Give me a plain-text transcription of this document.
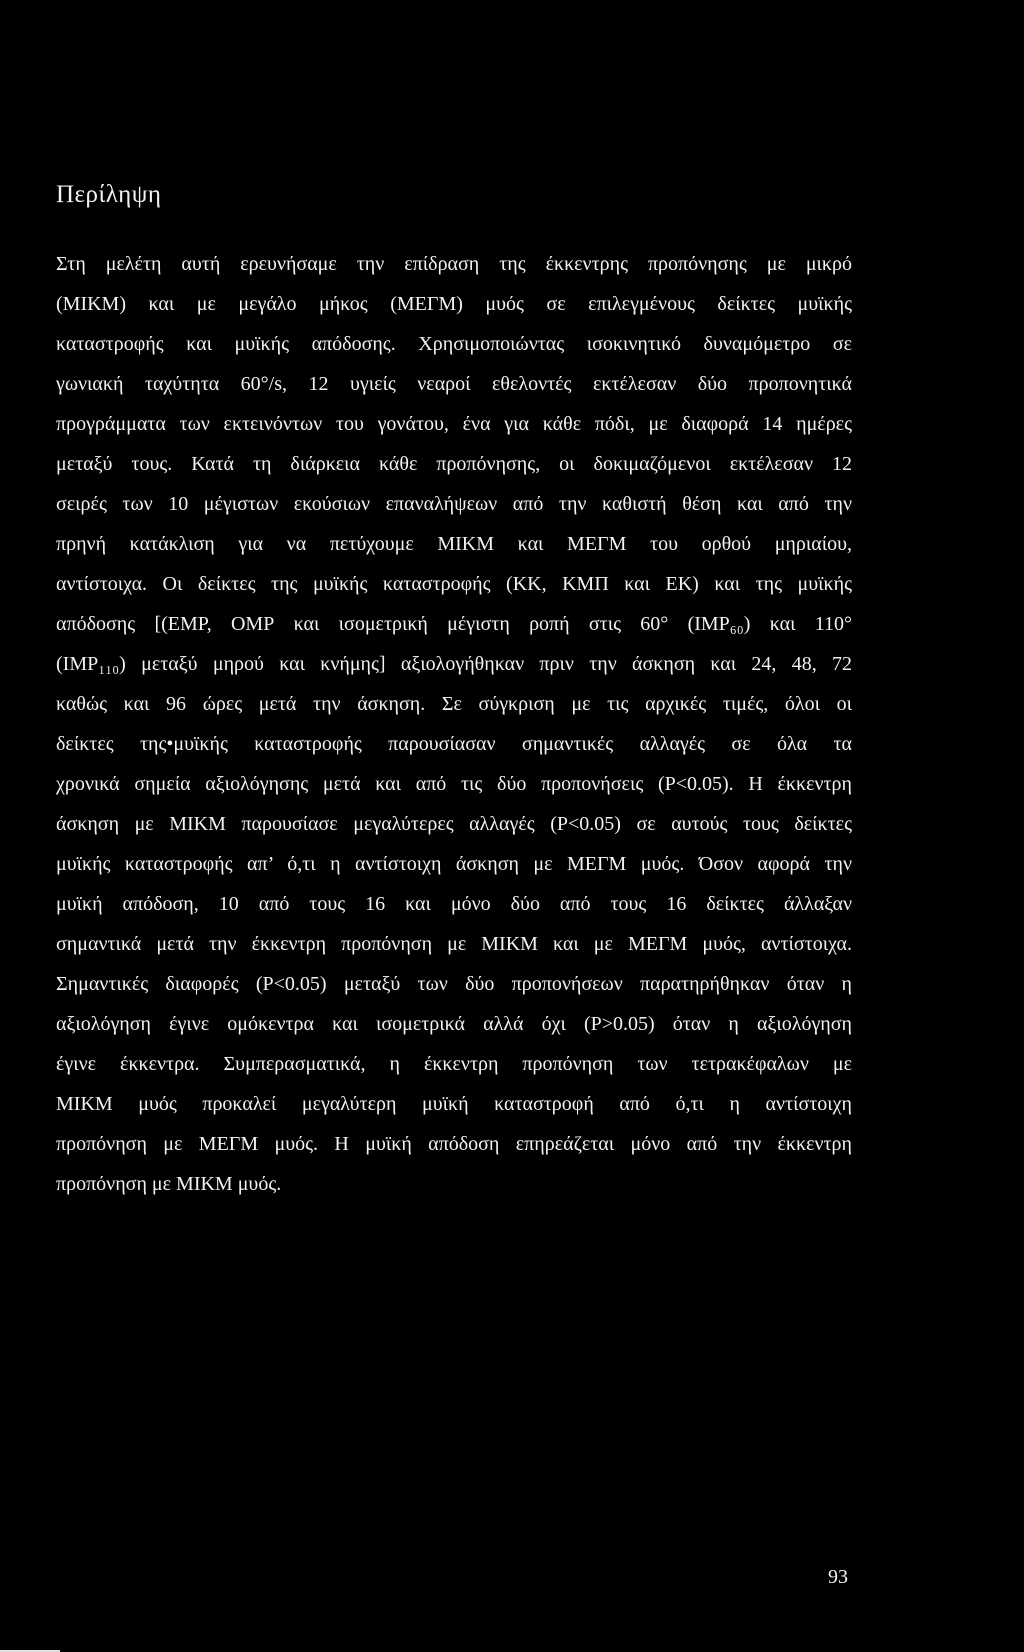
Περίληψη
Στη μελέτη αυτή ερευνήσαμε την επίδραση της έκκεντρης προπόνησης με μικρό
(ΜΙΚΜ) και με μεγάλο μήκος (ΜΕΓΜ) μυός σε επιλεγμένους δείκτες μυϊκής
καταστροφής και μυϊκής απόδοσης. Χρησιμοποιώντας ισοκινητικό δυναμόμετρο σε
γωνιακή ταχύτητα 60°/s, 12 υγιείς νεαροί εθελοντές εκτέλεσαν δύο προπονητικά
προγράμματα των εκτεινόντων του γονάτου, ένα για κάθε πόδι, με διαφορά 14 ημέρες
μεταξύ τους. Κατά τη διάρκεια κάθε προπόνησης, οι δοκιμαζόμενοι εκτέλεσαν 12
σειρές των 10 μέγιστων εκούσιων επαναλήψεων από την καθιστή θέση και από την
πρηνή κατάκλιση για να πετύχουμε ΜΙΚΜ και ΜΕΓΜ του ορθού μηριαίου,
αντίστοιχα. Οι δείκτες της μυϊκής καταστροφής (ΚΚ, ΚΜΠ και ΕΚ) και της μυϊκής
απόδοσης [(ΕΜΡ, ΟΜΡ και ισομετρική μέγιστη ροπή στις 60° (ΙΜΡ₆₀) και 110°
(ΙΜΡ₁₁₀) μεταξύ μηρού και κνήμης] αξιολογήθηκαν πριν την άσκηση και 24, 48, 72
καθώς και 96 ώρες μετά την άσκηση. Σε σύγκριση με τις αρχικές τιμές, όλοι οι
δείκτες της•μυϊκής καταστροφής παρουσίασαν σημαντικές αλλαγές σε όλα τα
χρονικά σημεία αξιολόγησης μετά και από τις δύο προπονήσεις (Ρ<0.05). Η έκκεντρη
άσκηση με ΜΙΚΜ παρουσίασε μεγαλύτερες αλλαγές (Ρ<0.05) σε αυτούς τους δείκτες
μυϊκής καταστροφής απ’ ό,τι η αντίστοιχη άσκηση με ΜΕΓΜ μυός. Όσον αφορά την
μυϊκή απόδοση, 10 από τους 16 και μόνο δύο από τους 16 δείκτες άλλαξαν
σημαντικά μετά την έκκεντρη προπόνηση με ΜΙΚΜ και με ΜΕΓΜ μυός, αντίστοιχα.
Σημαντικές διαφορές (Ρ<0.05) μεταξύ των δύο προπονήσεων παρατηρήθηκαν όταν η
αξιολόγηση έγινε ομόκεντρα και ισομετρικά αλλά όχι (Ρ>0.05) όταν η αξιολόγηση
έγινε έκκεντρα. Συμπερασματικά, η έκκεντρη προπόνηση των τετρακέφαλων με
ΜΙΚΜ μυός προκαλεί μεγαλύτερη μυϊκή καταστροφή από ό,τι η αντίστοιχη
προπόνηση με ΜΕΓΜ μυός. Η μυϊκή απόδοση επηρεάζεται μόνο από την έκκεντρη
προπόνηση με ΜΙΚΜ μυός.
93
